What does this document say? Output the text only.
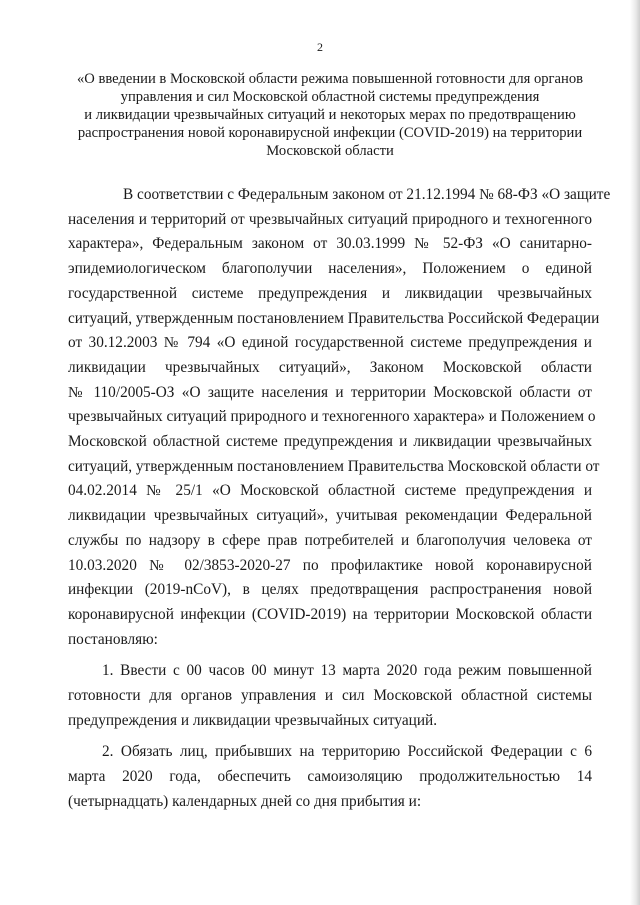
2
«О введении в Московской области режима повышенной готовности для органов
управления и сил Московской областной системы предупреждения
и ликвидации чрезвычайных ситуаций и некоторых мерах по предотвращению
распространения новой коронавирусной инфекции (COVID-2019) на территории
Московской области
В соответствии с Федеральным законом от 21.12.1994 № 68-ФЗ «О защите
населения и территорий от чрезвычайных ситуаций природного и техногенного
характера», Федеральным законом от 30.03.1999 № 52-ФЗ «О санитарно-
эпидемиологическом благополучии населения», Положением о единой
государственной системе предупреждения и ликвидации чрезвычайных
ситуаций, утвержденным постановлением Правительства Российской Федерации
от 30.12.2003 № 794 «О единой государственной системе предупреждения и
ликвидации чрезвычайных ситуаций», Законом Московской области
№ 110/2005-ОЗ «О защите населения и территории Московской области от
чрезвычайных ситуаций природного и техногенного характера» и Положением о
Московской областной системе предупреждения и ликвидации чрезвычайных
ситуаций, утвержденным постановлением Правительства Московской области от
04.02.2014 № 25/1 «О Московской областной системе предупреждения и
ликвидации чрезвычайных ситуаций», учитывая рекомендации Федеральной
службы по надзору в сфере прав потребителей и благополучия человека от
10.03.2020 № 02/3853-2020-27 по профилактике новой коронавирусной
инфекции (2019-nCoV), в целях предотвращения распространения новой
коронавирусной инфекции (COVID-2019) на территории Московской области
постановляю:
1. Ввести с 00 часов 00 минут 13 марта 2020 года режим повышенной
готовности для органов управления и сил Московской областной системы
предупреждения и ликвидации чрезвычайных ситуаций.
2. Обязать лиц, прибывших на территорию Российской Федерации с 6
марта 2020 года, обеспечить самоизоляцию продолжительностью 14
(четырнадцать) календарных дней со дня прибытия и:
